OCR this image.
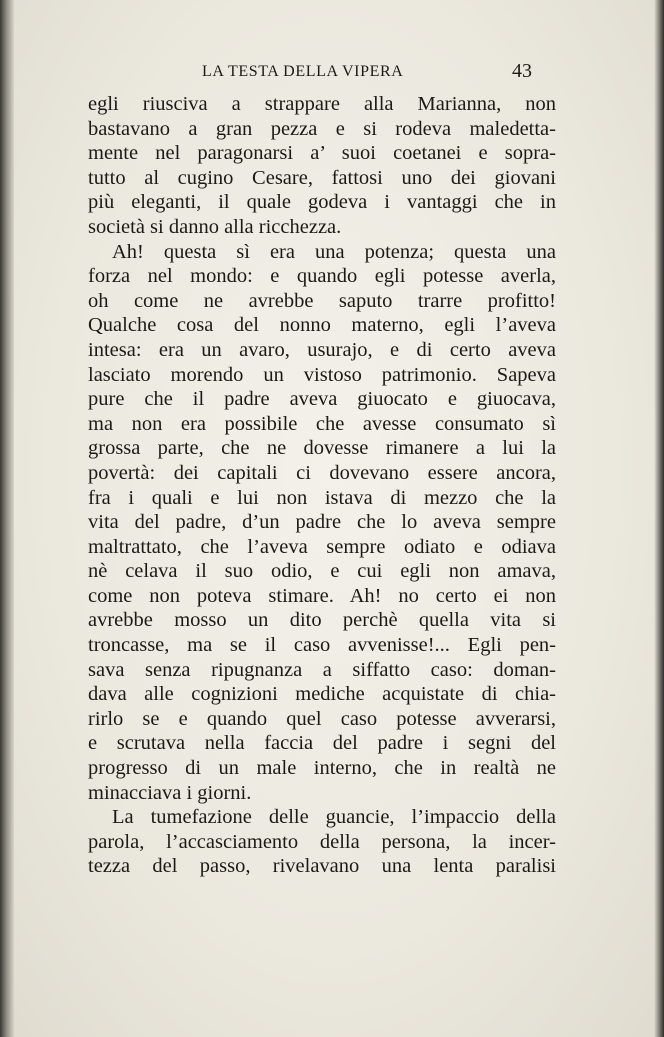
LA TESTA DELLA VIPERA	43
egli riusciva a strappare alla Marianna, non
bastavano a gran pezza e si rodeva maledetta-
mente nel paragonarsi a’ suoi coetanei e sopra-
tutto al cugino Cesare, fattosi uno dei giovani
più eleganti, il quale godeva i vantaggi che in
società si danno alla ricchezza.
Ah! questa sì era una potenza; questa una
forza nel mondo: e quando egli potesse averla,
oh come ne avrebbe saputo trarre profitto!
Qualche cosa del nonno materno, egli l’aveva
intesa: era un avaro, usurajo, e di certo aveva
lasciato morendo un vistoso patrimonio. Sapeva
pure che il padre aveva giuocato e giuocava,
ma non era possibile che avesse consumato sì
grossa parte, che ne dovesse rimanere a lui la
povertà: dei capitali ci dovevano essere ancora,
fra i quali e lui non istava di mezzo che la
vita del padre, d’un padre che lo aveva sempre
maltrattato, che l’aveva sempre odiato e odiava
nè celava il suo odio, e cui egli non amava,
come non poteva stimare. Ah! no certo ei non
avrebbe mosso un dito perchè quella vita si
troncasse, ma se il caso avvenisse!... Egli pen-
sava senza ripugnanza a siffatto caso: doman-
dava alle cognizioni mediche acquistate di chia-
rirlo se e quando quel caso potesse avverarsi,
e scrutava nella faccia del padre i segni del
progresso di un male interno, che in realtà ne
minacciava i giorni.
La tumefazione delle guancie, l’impaccio della
parola, l’accasciamento della persona, la incer-
tezza del passo, rivelavano una lenta paralisi
